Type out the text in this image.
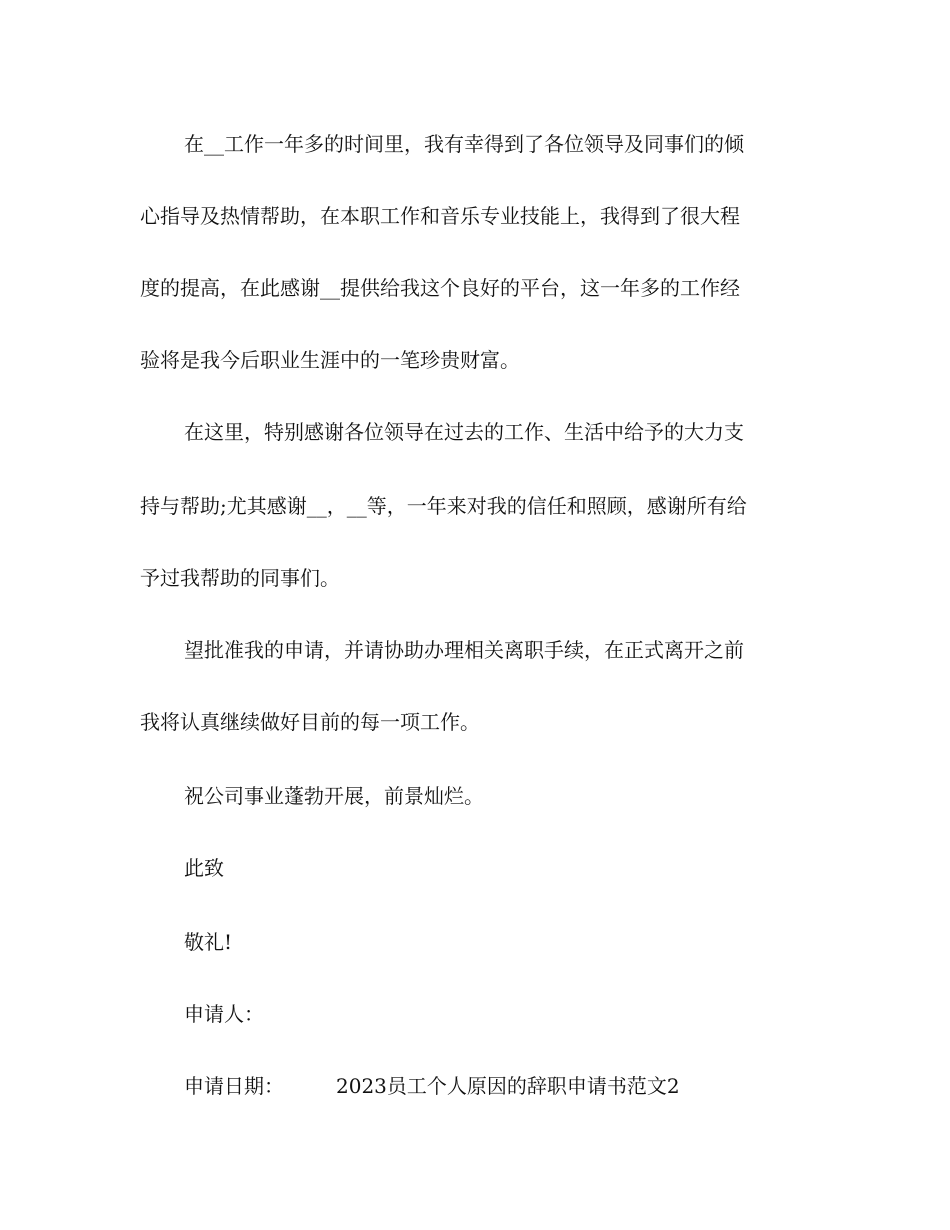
在__工作一年多的时间里，我有幸得到了各位领导及同事们的倾
心指导及热情帮助，在本职工作和音乐专业技能上，我得到了很大程
度的提高，在此感谢__提供给我这个良好的平台，这一年多的工作经
验将是我今后职业生涯中的一笔珍贵财富。
在这里，特别感谢各位领导在过去的工作、生活中给予的大力支
持与帮助;尤其感谢__，__等，一年来对我的信任和照顾，感谢所有给
予过我帮助的同事们。
望批准我的申请，并请协助办理相关离职手续，在正式离开之前
我将认真继续做好目前的每一项工作。
祝公司事业蓬勃开展，前景灿烂。
此致
敬礼!
申请人：
申请日期：	2023员工个人原因的辞职申请书范文2
